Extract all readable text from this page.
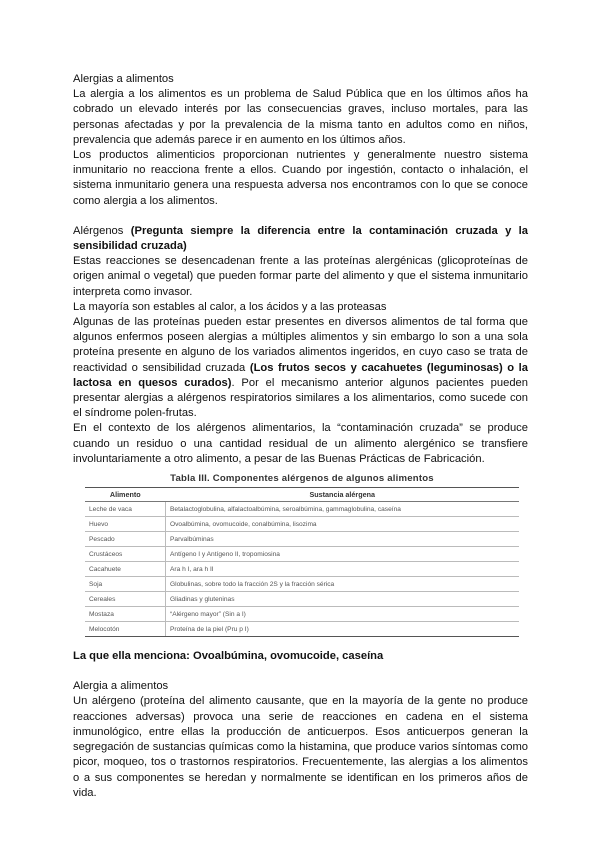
Alergias a alimentos

La alergia a los alimentos es un problema de Salud Pública que en los últimos años ha cobrado un elevado interés por las consecuencias graves, incluso mortales, para las personas afectadas y por la prevalencia de la misma tanto en adultos como en niños, prevalencia que además parece ir en aumento en los últimos años.

Los productos alimenticios proporcionan nutrientes y generalmente nuestro sistema inmunitario no reacciona frente a ellos. Cuando por ingestión, contacto o inhalación, el sistema inmunitario genera una respuesta adversa nos encontramos con lo que se conoce como alergia a los alimentos.

Alérgenos (Pregunta siempre la diferencia entre la contaminación cruzada y la sensibilidad cruzada)

Estas reacciones se desencadenan frente a las proteínas alergénicas (glicoproteínas de origen animal o vegetal) que pueden formar parte del alimento y que el sistema inmunitario interpreta como invasor.

La mayoría son estables al calor, a los ácidos y a las proteasas

Algunas de las proteínas pueden estar presentes en diversos alimentos de tal forma que algunos enfermos poseen alergias a múltiples alimentos y sin embargo lo son a una sola proteína presente en alguno de los variados alimentos ingeridos, en cuyo caso se trata de reactividad o sensibilidad cruzada (Los frutos secos y cacahuetes (leguminosas) o la lactosa en quesos curados). Por el mecanismo anterior algunos pacientes pueden presentar alergias a alérgenos respiratorios similares a los alimentarios, como sucede con el síndrome polen-frutas.

En el contexto de los alérgenos alimentarios, la “contaminación cruzada” se produce cuando un residuo o una cantidad residual de un alimento alergénico se transfiere involuntariamente a otro alimento, a pesar de las Buenas Prácticas de Fabricación.

Tabla III. Componentes alérgenos de algunos alimentos
Alimento	Sustancia alérgena
Leche de vaca	Betalactoglobulina, alfalactoalbúmina, seroalbúmina, gammaglobulina, caseína
Huevo	Ovoalbúmina, ovomucoide, conalbúmina, lisozima
Pescado	Parvalbúminas
Crustáceos	Antígeno I y Antígeno II, tropomiosina
Cacahuete	Ara h I, ara h II
Soja	Globulinas, sobre todo la fracción 2S y la fracción sérica
Cereales	Gliadinas y gluteninas
Mostaza	“Alérgeno mayor” (Sin a I)
Melocotón	Proteína de la piel (Pru p I)

La que ella menciona: Ovoalbúmina, ovomucoide, caseína

Alergia a alimentos

Un alérgeno (proteína del alimento causante, que en la mayoría de la gente no produce reacciones adversas) provoca una serie de reacciones en cadena en el sistema inmunológico, entre ellas la producción de anticuerpos. Esos anticuerpos generan la segregación de sustancias químicas como la histamina, que produce varios síntomas como picor, moqueo, tos o trastornos respiratorios. Frecuentemente, las alergias a los alimentos o a sus componentes se heredan y normalmente se identifican en los primeros años de vida.
